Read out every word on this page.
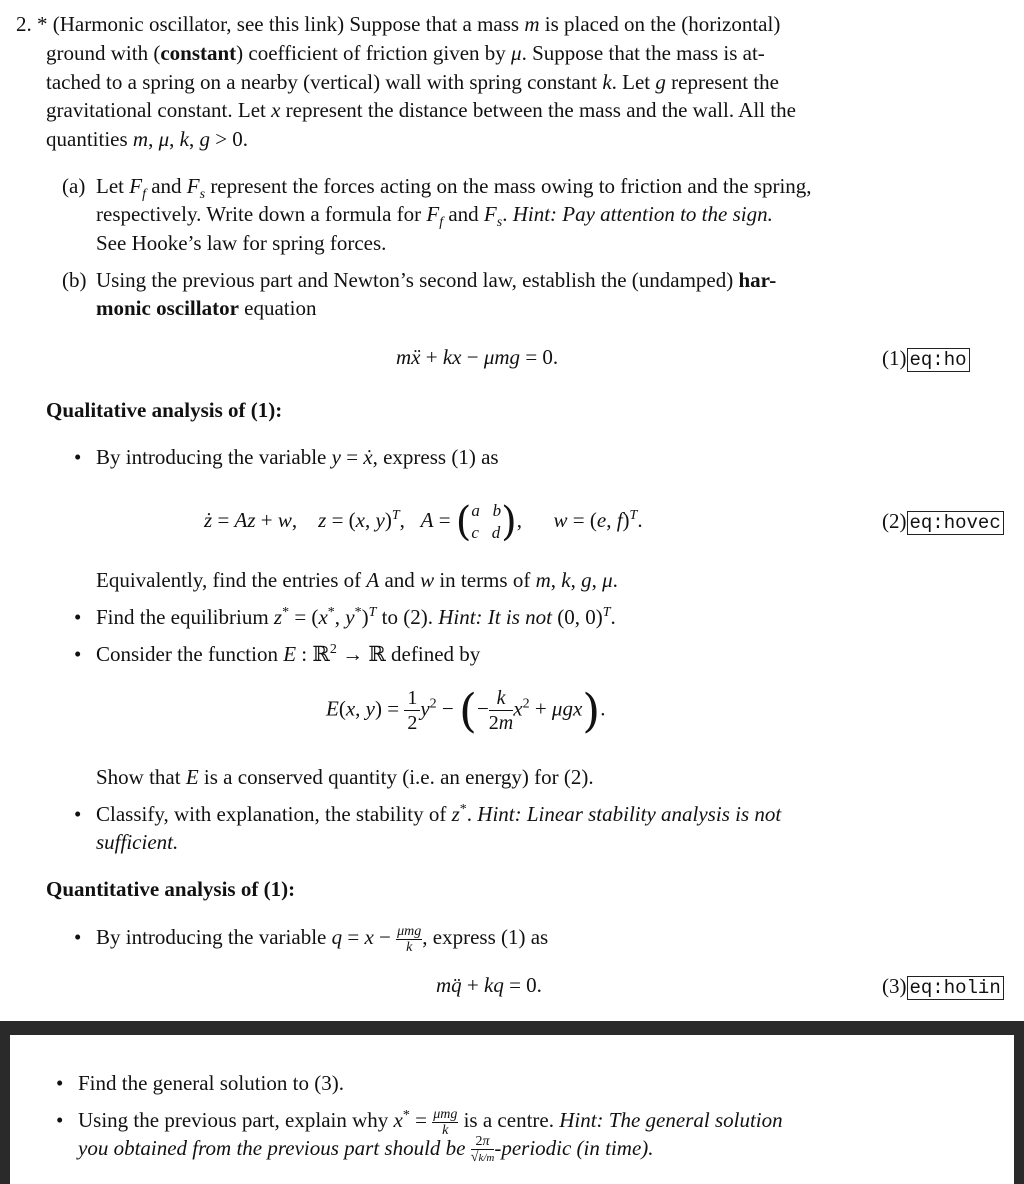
2. * (Harmonic oscillator, see this link) Suppose that a mass m is placed on the (horizontal)
ground with (constant) coefficient of friction given by μ. Suppose that the mass is at-
tached to a spring on a nearby (vertical) wall with spring constant k. Let g represent the
gravitational constant. Let x represent the distance between the mass and the wall. All the
quantities m, μ, k, g > 0.
(a) Let $F_f$ and $F_s$ represent the forces acting on the mass owing to friction and the spring,
respectively. Write down a formula for $F_f$ and $F_s$. Hint: Pay attention to the sign.
See Hooke’s law for spring forces.
(b) Using the previous part and Newton’s second law, establish the (undamped) har-
monic oscillator equation
mẍ + kx − μmg = 0.	(1) eq:ho
Qualitative analysis of (1):
• By introducing the variable y = ẋ, express (1) as
ż = Az + w,    z = (x, y)$^T$,   A = ( a   b
c   d ),      w = (e, f)$^T$.	(2) eq:hovec
Equivalently, find the entries of A and w in terms of m, k, g, μ.
• Find the equilibrium z* = (x*, y*)$^T$ to (2). Hint: It is not (0, 0)$^T$.
• Consider the function E : ℝ$^2$ → ℝ defined by
E(x, $y) = \frac{1}{2} y^2$ − (− $\frac{k}{2m} x^2 + \mu gx$).
Show that E is a conserved quantity (i.e. an energy) for (2).
• Classify, with explanation, the stability of z*. Hint: Linear stability analysis is not
sufficient.
Quantitative analysis of (1):
• By introducing the variable $q = x - \frac{\text{μmg}}{k}$ , express (1) as
mq̈ + kq = 0.	(3) eq:holin
• Find the general solution to (3).
• Using the previous part, explain why $x^* = \frac{\text{μmg}}{k}$ is a centre. Hint: The general solution
you obtained from the previous part should be $\frac{2\pi}{√k/m}$ -periodic (in time).
